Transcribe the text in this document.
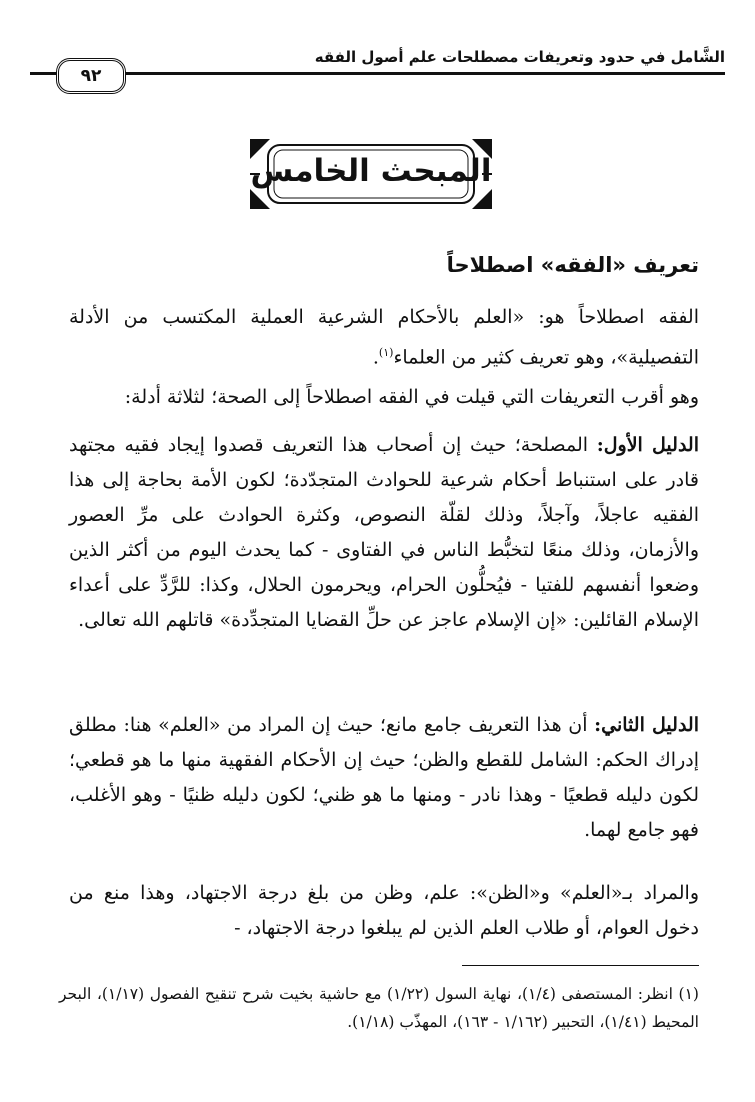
الشَّامل في حدود وتعريفات مصطلحات علم أصول الفقه
٩٢
المبحث الخامس
تعريف «الفقه» اصطلاحاً

الفقه اصطلاحاً هو: «العلم بالأحكام الشرعية العملية المكتسب من الأدلة التفصيلية»، وهو تعريف كثير من العلماء$^{(١)}$.

وهو أقرب التعريفات التي قيلت في الفقه اصطلاحاً إلى الصحة؛ لثلاثة أدلة:

الدليل الأول: المصلحة؛ حيث إن أصحاب هذا التعريف قصدوا إيجاد فقيه مجتهد قادر على استنباط أحكام شرعية للحوادث المتجدّدة؛ لكون الأمة بحاجة إلى هذا الفقيه عاجلاً، وآجلاً، وذلك لقلّة النصوص، وكثرة الحوادث على مرِّ العصور والأزمان، وذلك منعًا لتخبُّط الناس في الفتاوى - كما يحدث اليوم من أكثر الذين وضعوا أنفسهم للفتيا - فيُحلُّون الحرام، ويحرمون الحلال، وكذا: للرَّدِّ على أعداء الإسلام القائلين: «إن الإسلام عاجز عن حلِّ القضايا المتجدِّدة» قاتلهم الله تعالى.

الدليل الثاني: أن هذا التعريف جامع مانع؛ حيث إن المراد من «العلم» هنا: مطلق إدراك الحكم: الشامل للقطع والظن؛ حيث إن الأحكام الفقهية منها ما هو قطعي؛ لكون دليله قطعيًا - وهذا نادر - ومنها ما هو ظني؛ لكون دليله ظنيًا - وهو الأغلب، فهو جامع لهما.

والمراد بـ«العلم» و«الظن»: علم، وظن من بلغ درجة الاجتهاد، وهذا منع من دخول العوام، أو طلاب العلم الذين لم يبلغوا درجة الاجتهاد، -

(١) انظر: المستصفى (١/٤)، نهاية السول (١/٢٢) مع حاشية بخيت شرح تنقيح الفصول (١/١٧)، البحر المحيط (١/٤١)، التحبير (١/١٦٢ - ١٦٣)، المهذّب (١/١٨).
